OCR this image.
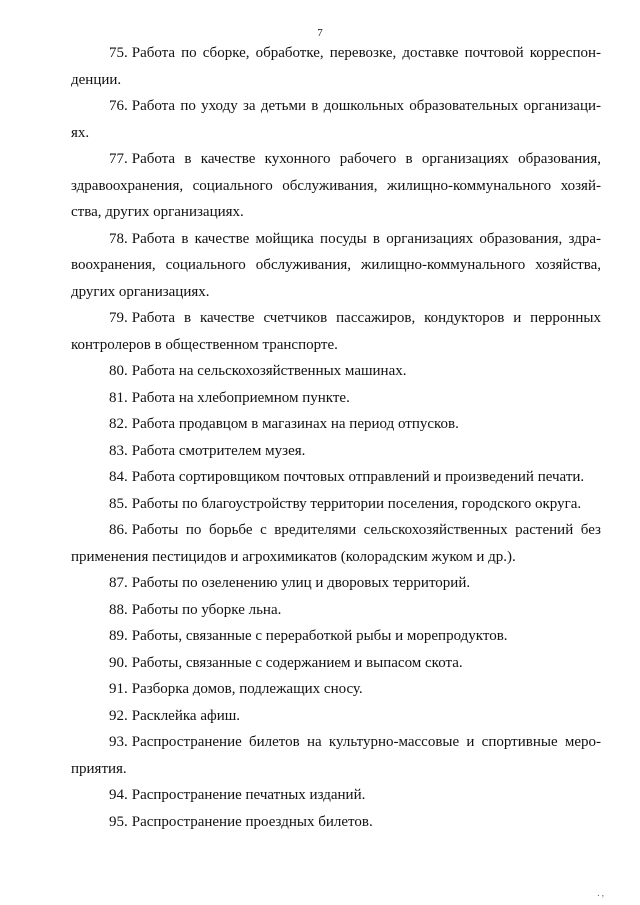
7

75. Работа по сборке, обработке, перевозке, доставке почтовой корреспонденции.

76. Работа по уходу за детьми в дошкольных образовательных организациях.

77. Работа в качестве кухонного рабочего в организациях образования, здравоохранения, социального обслуживания, жилищно-коммунального хозяйства, других организациях.

78. Работа в качестве мойщика посуды в организациях образования, здравоохранения, социального обслуживания, жилищно-коммунального хозяйства, других организациях.

79. Работа в качестве счетчиков пассажиров, кондукторов и перронных контролеров в общественном транспорте.

80. Работа на сельскохозяйственных машинах.

81. Работа на хлебоприемном пункте.

82. Работа продавцом в магазинах на период отпусков.

83. Работа смотрителем музея.

84. Работа сортировщиком почтовых отправлений и произведений печати.

85. Работы по благоустройству территории поселения, городского округа.

86. Работы по борьбе с вредителями сельскохозяйственных растений без применения пестицидов и агрохимикатов (колорадским жуком и др.).

87. Работы по озеленению улиц и дворовых территорий.

88. Работы по уборке льна.

89. Работы, связанные с переработкой рыбы и морепродуктов.

90. Работы, связанные с содержанием и выпасом скота.

91. Разборка домов, подлежащих сносу.

92. Расклейка афиш.

93. Распространение билетов на культурно-массовые и спортивные мероприятия.

94. Распространение печатных изданий.

95. Распространение проездных билетов.

. ,
